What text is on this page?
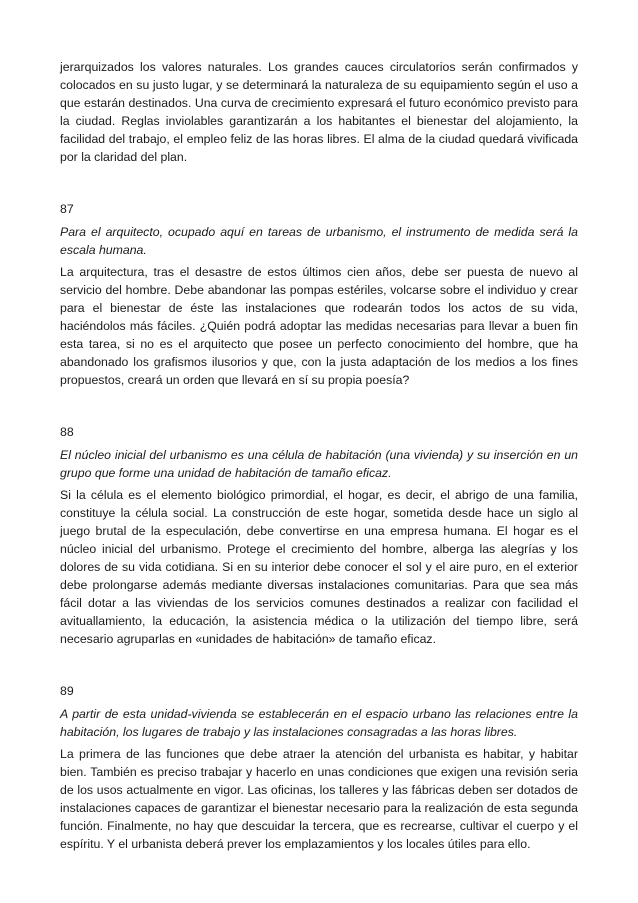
jerarquizados los valores naturales. Los grandes cauces circulatorios serán confirmados y colocados en su justo lugar, y se determinará la naturaleza de su equipamiento según el uso a que estarán destinados. Una curva de crecimiento expresará el futuro económico previsto para la ciudad. Reglas inviolables garantizarán a los habitantes el bienestar del alojamiento, la facilidad del trabajo, el empleo feliz de las horas libres. El alma de la ciudad quedará vivificada por la claridad del plan.

87

Para el arquitecto, ocupado aquí en tareas de urbanismo, el instrumento de medida será la escala humana.

La arquitectura, tras el desastre de estos últimos cien años, debe ser puesta de nuevo al servicio del hombre. Debe abandonar las pompas estériles, volcarse sobre el individuo y crear para el bienestar de éste las instalaciones que rodearán todos los actos de su vida, haciéndolos más fáciles. ¿Quién podrá adoptar las medidas necesarias para llevar a buen fin esta tarea, si no es el arquitecto que posee un perfecto conocimiento del hombre, que ha abandonado los grafismos ilusorios y que, con la justa adaptación de los medios a los fines propuestos, creará un orden que llevará en sí su propia poesía?

88

El núcleo inicial del urbanismo es una célula de habitación (una vivienda) y su inserción en un grupo que forme una unidad de habitación de tamaño eficaz.

Si la célula es el elemento biológico primordial, el hogar, es decir, el abrigo de una familia, constituye la célula social. La construcción de este hogar, sometida desde hace un siglo al juego brutal de la especulación, debe convertirse en una empresa humana. El hogar es el núcleo inicial del urbanismo. Protege el crecimiento del hombre, alberga las alegrías y los dolores de su vida cotidiana. Si en su interior debe conocer el sol y el aire puro, en el exterior debe prolongarse además mediante diversas instalaciones comunitarias. Para que sea más fácil dotar a las viviendas de los servicios comunes destinados a realizar con facilidad el avituallamiento, la educación, la asistencia médica o la utilización del tiempo libre, será necesario agruparlas en «unidades de habitación» de tamaño eficaz.

89

A partir de esta unidad-vivienda se establecerán en el espacio urbano las relaciones entre la habitación, los lugares de trabajo y las instalaciones consagradas a las horas libres.

La primera de las funciones que debe atraer la atención del urbanista es habitar, y habitar bien. También es preciso trabajar y hacerlo en unas condiciones que exigen una revisión seria de los usos actualmente en vigor. Las oficinas, los talleres y las fábricas deben ser dotados de instalaciones capaces de garantizar el bienestar necesario para la realización de esta segunda función. Finalmente, no hay que descuidar la tercera, que es recrearse, cultivar el cuerpo y el espíritu. Y el urbanista deberá prever los emplazamientos y los locales útiles para ello.
